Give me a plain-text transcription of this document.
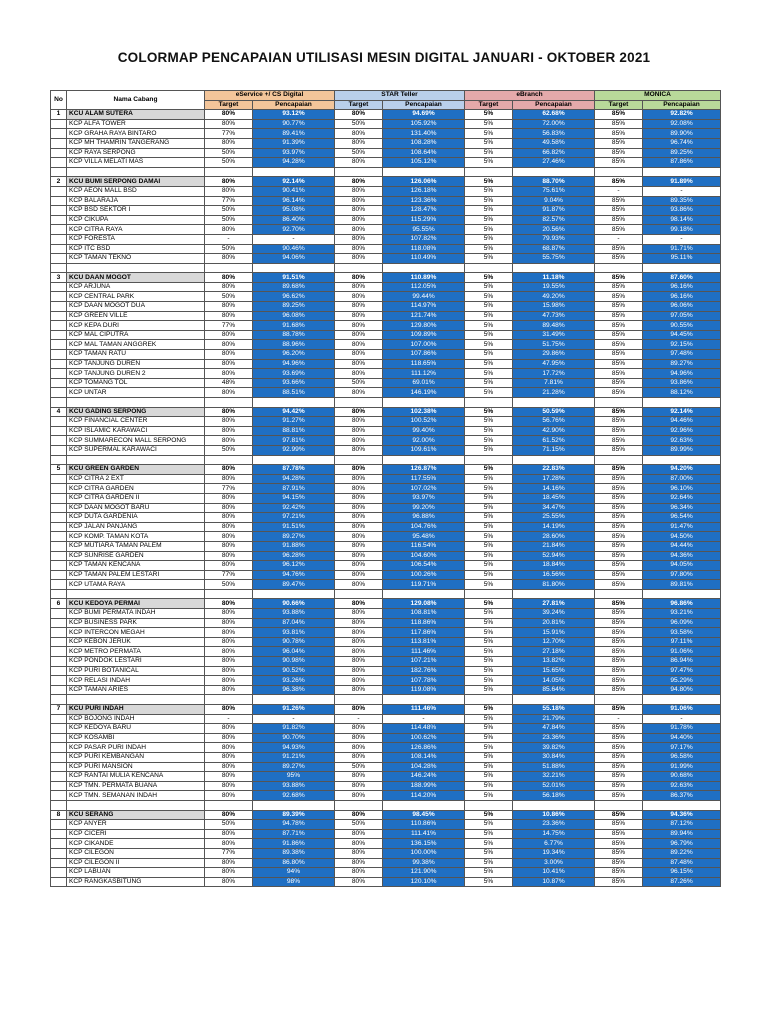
COLORMAP PENCAPAIAN UTILISASI MESIN DIGITAL JANUARI - OKTOBER 2021
No	Nama Cabang	eService +/ CS Digital		STAR Teller		eBranch		MONICA	
		Target	Pencapaian	Target	Pencapaian	Target	Pencapaian	Target	Pencapaian
1	KCU ALAM SUTERA	80%	93.12%	80%	94.69%	5%	62.68%	85%	92.82%
	KCP ALFA TOWER	80%	90.77%	50%	105.92%	5%	72.00%	85%	92.08%
	KCP GRAHA RAYA BINTARO	77%	89.41%	80%	131.40%	5%	56.83%	85%	89.90%
	KCP MH THAMRIN TANGERANG	80%	91.39%	80%	108.28%	5%	49.58%	85%	96.74%
	KCP RAYA SERPONG	50%	93.97%	50%	108.64%	5%	66.82%	85%	89.25%
	KCP VILLA MELATI MAS	50%	94.28%	80%	105.12%	5%	27.46%	85%	87.86%

2	KCU BUMI SERPONG DAMAI	80%	92.14%	80%	126.06%	5%	88.70%	85%	91.89%
	KCP AEON MALL BSD	80%	90.41%	80%	126.18%	5%	75.61%	-	-
	KCP BALARAJA	77%	96.14%	80%	123.36%	5%	9.04%	85%	89.35%
	KCP BSD SEKTOR I	50%	95.08%	80%	128.47%	5%	91.87%	85%	93.86%
	KCP CIKUPA	50%	86.40%	80%	115.29%	5%	82.57%	85%	98.14%
	KCP CITRA RAYA	80%	92.70%	80%	95.55%	5%	20.56%	85%	99.18%
	KCP FORESTA	-	-	80%	107.82%	5%	79.93%	-	-
	KCP ITC BSD	50%	90.46%	80%	118.08%	5%	68.87%	85%	91.71%
	KCP TAMAN TEKNO	80%	94.06%	80%	110.49%	5%	55.75%	85%	95.11%

3	KCU DAAN MOGOT	80%	91.51%	80%	110.89%	5%	11.18%	85%	87.60%
	KCP ARJUNA	80%	89.68%	80%	112.05%	5%	19.55%	85%	96.16%
	KCP CENTRAL PARK	50%	96.62%	80%	99.44%	5%	49.20%	85%	96.16%
	KCP DAAN MOGOT DUA	80%	89.25%	80%	114.97%	5%	15.98%	85%	96.06%
	KCP GREEN VILLE	80%	96.08%	80%	121.74%	5%	47.73%	85%	97.05%
	KCP KEPA DURI	77%	91.68%	80%	129.80%	5%	89.48%	85%	90.55%
	KCP MAL CIPUTRA	80%	88.78%	80%	109.89%	5%	31.49%	85%	94.45%
	KCP MAL TAMAN ANGGREK	80%	88.96%	80%	107.00%	5%	51.75%	85%	92.15%
	KCP TAMAN RATU	80%	96.20%	80%	107.86%	5%	29.86%	85%	97.48%
	KCP TANJUNG DUREN	80%	94.96%	80%	118.65%	5%	47.95%	85%	89.27%
	KCP TANJUNG DUREN 2	80%	93.69%	80%	111.12%	5%	17.72%	85%	94.96%
	KCP TOMANG TOL	48%	93.66%	50%	69.01%	5%	7.81%	85%	93.86%
	KCP UNTAR	80%	88.51%	80%	146.19%	5%	21.28%	85%	88.12%

4	KCU GADING SERPONG	80%	94.42%	80%	102.38%	5%	50.59%	85%	92.14%
	KCP FINANCIAL CENTER	80%	91.27%	80%	100.52%	5%	56.76%	85%	94.46%
	KCP ISLAMIC KARAWACI	80%	88.81%	80%	99.40%	5%	42.90%	85%	92.96%
	KCP SUMMARECON MALL SERPONG	80%	97.81%	80%	92.00%	5%	61.52%	85%	92.63%
	KCP SUPERMAL KARAWACI	50%	92.99%	80%	109.61%	5%	71.15%	85%	89.99%

5	KCU GREEN GARDEN	80%	87.78%	80%	126.87%	5%	22.83%	85%	94.20%
	KCP CITRA 2 EXT	80%	94.28%	80%	117.55%	5%	17.28%	85%	87.00%
	KCP CITRA GARDEN	77%	87.91%	80%	107.02%	5%	14.16%	85%	96.10%
	KCP CITRA GARDEN II	80%	94.15%	80%	93.97%	5%	18.45%	85%	92.64%
	KCP DAAN MOGOT BARU	80%	92.42%	80%	99.20%	5%	34.47%	85%	96.34%
	KCP DUTA GARDENIA	80%	97.21%	80%	96.88%	5%	25.55%	85%	96.54%
	KCP JALAN PANJANG	80%	91.51%	80%	104.76%	5%	14.19%	85%	91.47%
	KCP KOMP. TAMAN KOTA	80%	89.27%	80%	95.48%	5%	28.60%	85%	94.50%
	KCP MUTIARA TAMAN PALEM	80%	91.88%	80%	116.54%	5%	21.84%	85%	94.44%
	KCP SUNRISE GARDEN	80%	96.28%	80%	104.60%	5%	52.94%	85%	94.36%
	KCP TAMAN KENCANA	80%	96.12%	80%	106.54%	5%	18.84%	85%	94.05%
	KCP TAMAN PALEM LESTARI	77%	94.76%	80%	100.26%	5%	16.56%	85%	97.80%
	KCP UTAMA RAYA	50%	89.47%	80%	119.71%	5%	81.80%	85%	89.81%

6	KCU KEDOYA PERMAI	80%	90.66%	80%	129.08%	5%	27.81%	85%	96.86%
	KCP BUMI PERMATA INDAH	80%	93.88%	80%	108.81%	5%	39.24%	85%	93.21%
	KCP BUSINESS PARK	80%	87.04%	80%	118.86%	5%	20.81%	85%	96.09%
	KCP INTERCON MEGAH	80%	93.81%	80%	117.86%	5%	15.91%	85%	93.58%
	KCP KEBON JERUK	80%	90.78%	80%	113.81%	5%	12.70%	85%	97.11%
	KCP METRO PERMATA	80%	96.04%	80%	111.46%	5%	27.18%	85%	91.06%
	KCP PONDOK LESTARI	80%	90.98%	80%	107.21%	5%	13.82%	85%	86.94%
	KCP PURI BOTANICAL	80%	90.52%	80%	182.76%	5%	15.65%	85%	97.47%
	KCP RELASI INDAH	80%	93.26%	80%	107.78%	5%	14.05%	85%	95.29%
	KCP TAMAN ARIES	80%	96.38%	80%	119.08%	5%	85.64%	85%	94.80%

7	KCU PURI INDAH	80%	91.26%	80%	111.46%	5%	55.18%	85%	91.06%
	KCP BOJONG INDAH	-	-	-	-	5%	21.79%	-	-
	KCP KEDOYA BARU	80%	91.82%	80%	114.48%	5%	47.84%	85%	91.78%
	KCP KOSAMBI	80%	90.70%	80%	100.62%	5%	23.36%	85%	94.40%
	KCP PASAR PURI INDAH	80%	94.93%	80%	126.86%	5%	39.82%	85%	97.17%
	KCP PURI KEMBANGAN	80%	91.21%	80%	108.14%	5%	30.84%	85%	96.58%
	KCP PURI MANSION	80%	89.27%	50%	104.28%	5%	51.88%	85%	91.99%
	KCP RANTAI MULIA KENCANA	80%	95%	80%	146.24%	5%	32.21%	85%	90.68%
	KCP TMN. PERMATA BUANA	80%	93.88%	80%	188.99%	5%	52.01%	85%	92.63%
	KCP TMN. SEMANAN INDAH	80%	92.68%	80%	114.20%	5%	56.18%	85%	86.37%

8	KCU SERANG	80%	89.39%	80%	98.45%	5%	10.86%	85%	94.36%
	KCP ANYER	50%	94.78%	50%	110.86%	5%	23.36%	85%	87.12%
	KCP CICERI	80%	87.71%	80%	111.41%	5%	14.75%	85%	89.94%
	KCP CIKANDE	80%	91.86%	80%	136.15%	5%	6.77%	85%	96.79%
	KCP CILEGON	77%	89.38%	80%	100.00%	5%	19.34%	85%	89.22%
	KCP CILEGON II	80%	86.80%	80%	99.38%	5%	3.00%	85%	87.48%
	KCP LABUAN	80%	94%	80%	121.90%	5%	10.41%	85%	96.15%
	KCP RANGKASBITUNG	80%	98%	80%	120.10%	5%	10.87%	85%	87.26%
